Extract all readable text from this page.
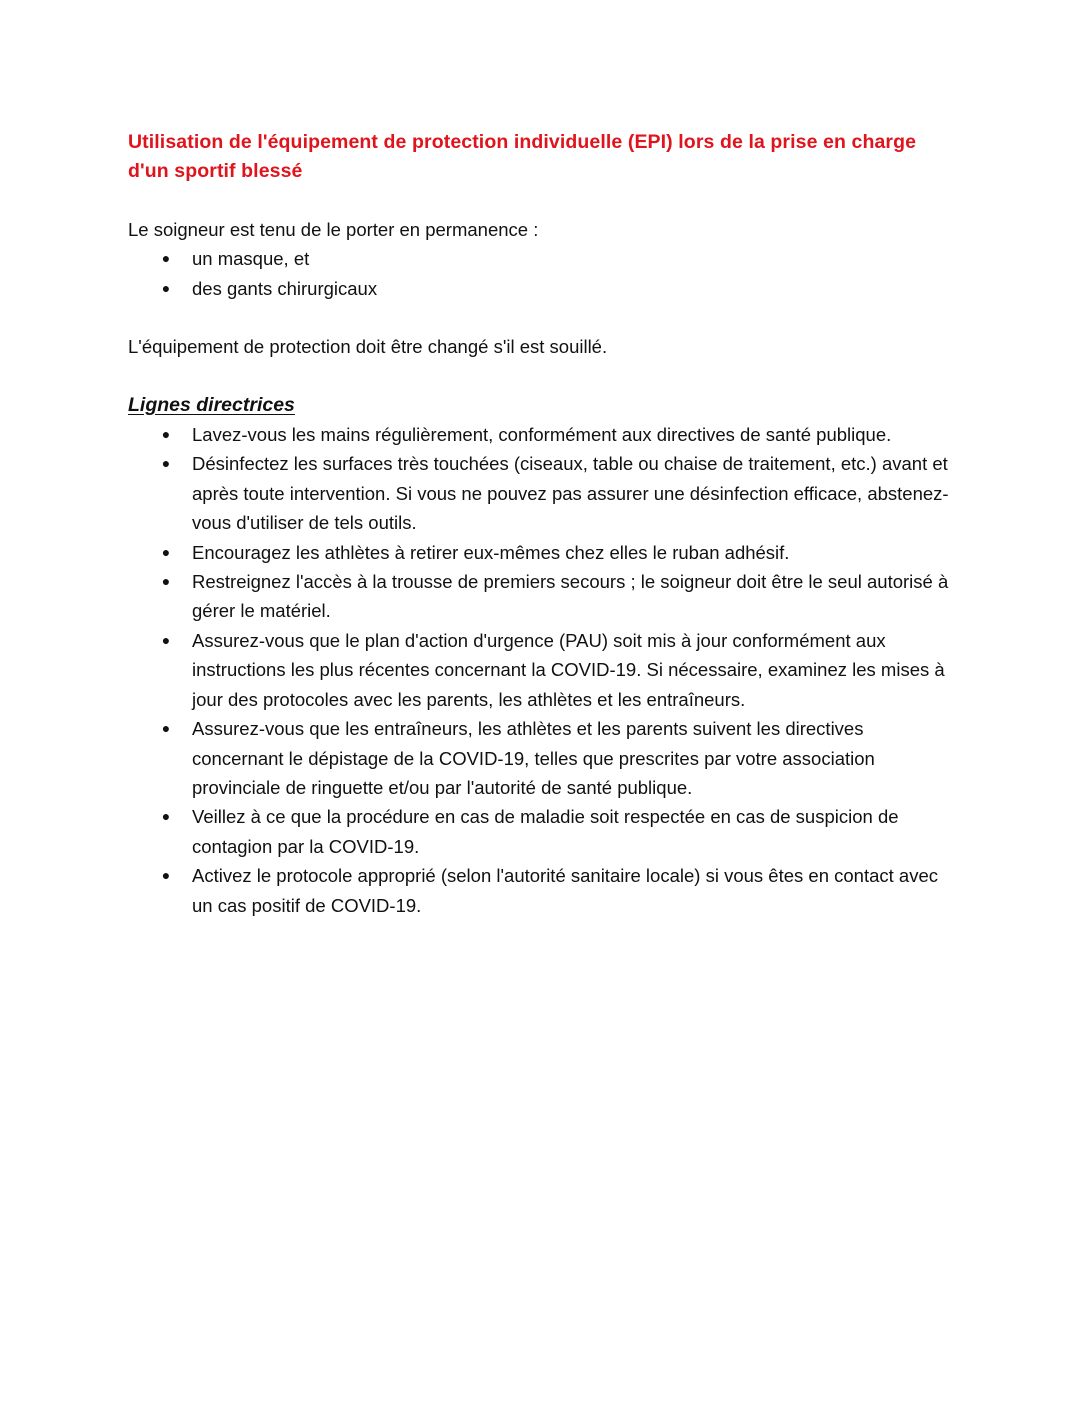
Utilisation de l'équipement de protection individuelle (EPI) lors de la prise en charge d'un sportif blessé

Le soigneur est tenu de le porter en permanence :

● un masque, et
● des gants chirurgicaux

L'équipement de protection doit être changé s'il est souillé.

Lignes directrices
● Lavez-vous les mains régulièrement, conformément aux directives de santé publique.
● Désinfectez les surfaces très touchées (ciseaux, table ou chaise de traitement, etc.) avant et après toute intervention. Si vous ne pouvez pas assurer une désinfection efficace, abstenez-vous d'utiliser de tels outils.
● Encouragez les athlètes à retirer eux-mêmes chez elles le ruban adhésif.
● Restreignez l'accès à la trousse de premiers secours ; le soigneur doit être le seul autorisé à gérer le matériel.
● Assurez-vous que le plan d'action d'urgence (PAU) soit mis à jour conformément aux instructions les plus récentes concernant la COVID-19. Si nécessaire, examinez les mises à jour des protocoles avec les parents, les athlètes et les entraîneurs.
● Assurez-vous que les entraîneurs, les athlètes et les parents suivent les directives concernant le dépistage de la COVID-19, telles que prescrites par votre association provinciale de ringuette et/ou par l'autorité de santé publique.
● Veillez à ce que la procédure en cas de maladie soit respectée en cas de suspicion de contagion par la COVID-19.
● Activez le protocole approprié (selon l'autorité sanitaire locale) si vous êtes en contact avec un cas positif de COVID-19.
